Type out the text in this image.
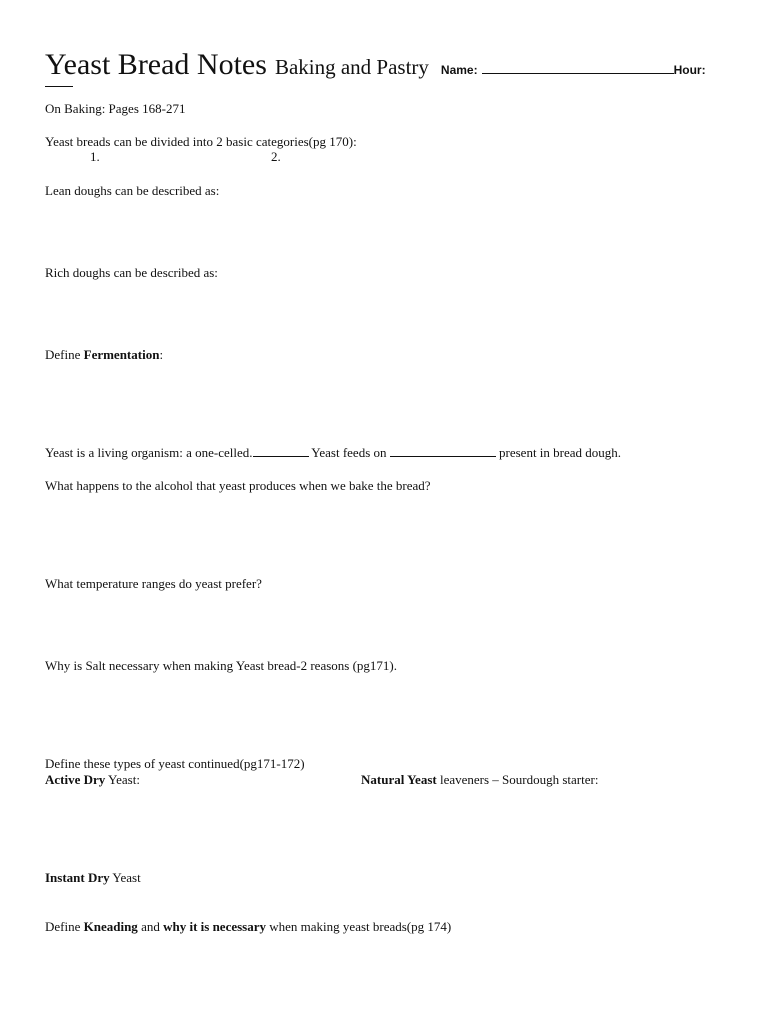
Yeast Bread Notes Baking and Pastry Name:	Hour:
On Baking: Pages 168-271
Yeast breads can be divided into 2 basic categories(pg 170):
1.	2.
Lean doughs can be described as:
Rich doughs can be described as:
Define Fermentation:
Yeast is a living organism: a one-celled.	Yeast feeds on	present in bread dough.
What happens to the alcohol that yeast produces when we bake the bread?
What temperature ranges do yeast prefer?
Why is Salt necessary when making Yeast bread-2 reasons (pg171).
Define these types of yeast continued(pg171-172)
Active Dry Yeast:	Natural Yeast leaveners – Sourdough starter:
Instant Dry Yeast
Define Kneading and why it is necessary when making yeast breads(pg 174)
